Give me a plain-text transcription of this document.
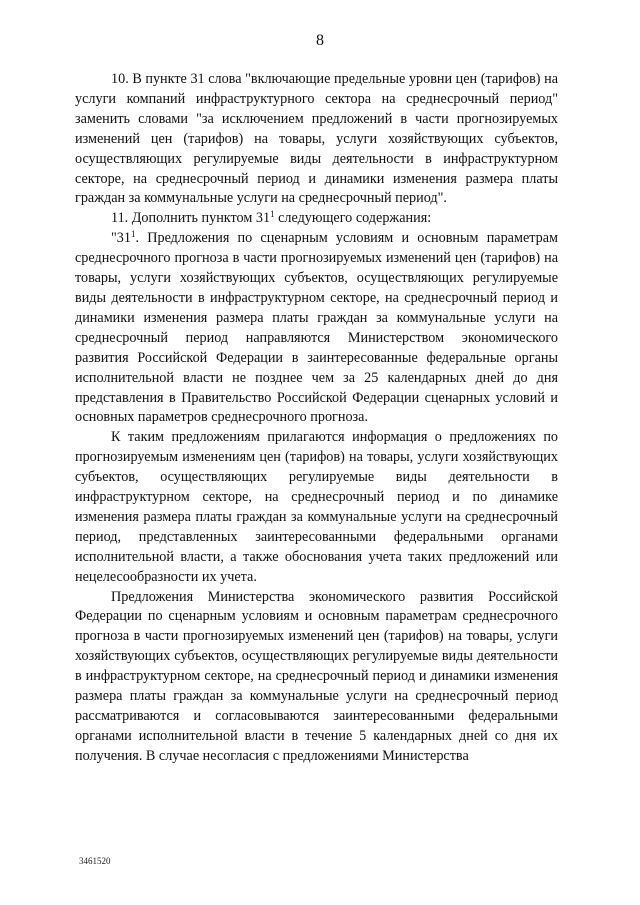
8

10. В пункте 31 слова "включающие предельные уровни цен (тарифов) на услуги компаний инфраструктурного сектора на среднесрочный период" заменить словами "за исключением предложений в части прогнозируемых изменений цен (тарифов) на товары, услуги хозяйствующих субъектов, осуществляющих регулируемые виды деятельности в инфраструктурном секторе, на среднесрочный период и динамики изменения размера платы граждан за коммунальные услуги на среднесрочный период".

11. Дополнить пунктом $31^1$ следующего содержания:

"$31^1$. Предложения по сценарным условиям и основным параметрам среднесрочного прогноза в части прогнозируемых изменений цен (тарифов) на товары, услуги хозяйствующих субъектов, осуществляющих регулируемые виды деятельности в инфраструктурном секторе, на среднесрочный период и динамики изменения размера платы граждан за коммунальные услуги на среднесрочный период направляются Министерством экономического развития Российской Федерации в заинтересованные федеральные органы исполнительной власти не позднее чем за 25 календарных дней до дня представления в Правительство Российской Федерации сценарных условий и основных параметров среднесрочного прогноза.

К таким предложениям прилагаются информация о предложениях по прогнозируемым изменениям цен (тарифов) на товары, услуги хозяйствующих субъектов, осуществляющих регулируемые виды деятельности в инфраструктурном секторе, на среднесрочный период и по динамике изменения размера платы граждан за коммунальные услуги на среднесрочный период, представленных заинтересованными федеральными органами исполнительной власти, а также обоснования учета таких предложений или нецелесообразности их учета.

Предложения Министерства экономического развития Российской Федерации по сценарным условиям и основным параметрам среднесрочного прогноза в части прогнозируемых изменений цен (тарифов) на товары, услуги хозяйствующих субъектов, осуществляющих регулируемые виды деятельности в инфраструктурном секторе, на среднесрочный период и динамики изменения размера платы граждан за коммунальные услуги на среднесрочный период рассматриваются и согласовываются заинтересованными федеральными органами исполнительной власти в течение 5 календарных дней со дня их получения. В случае несогласия с предложениями Министерства

3461520
